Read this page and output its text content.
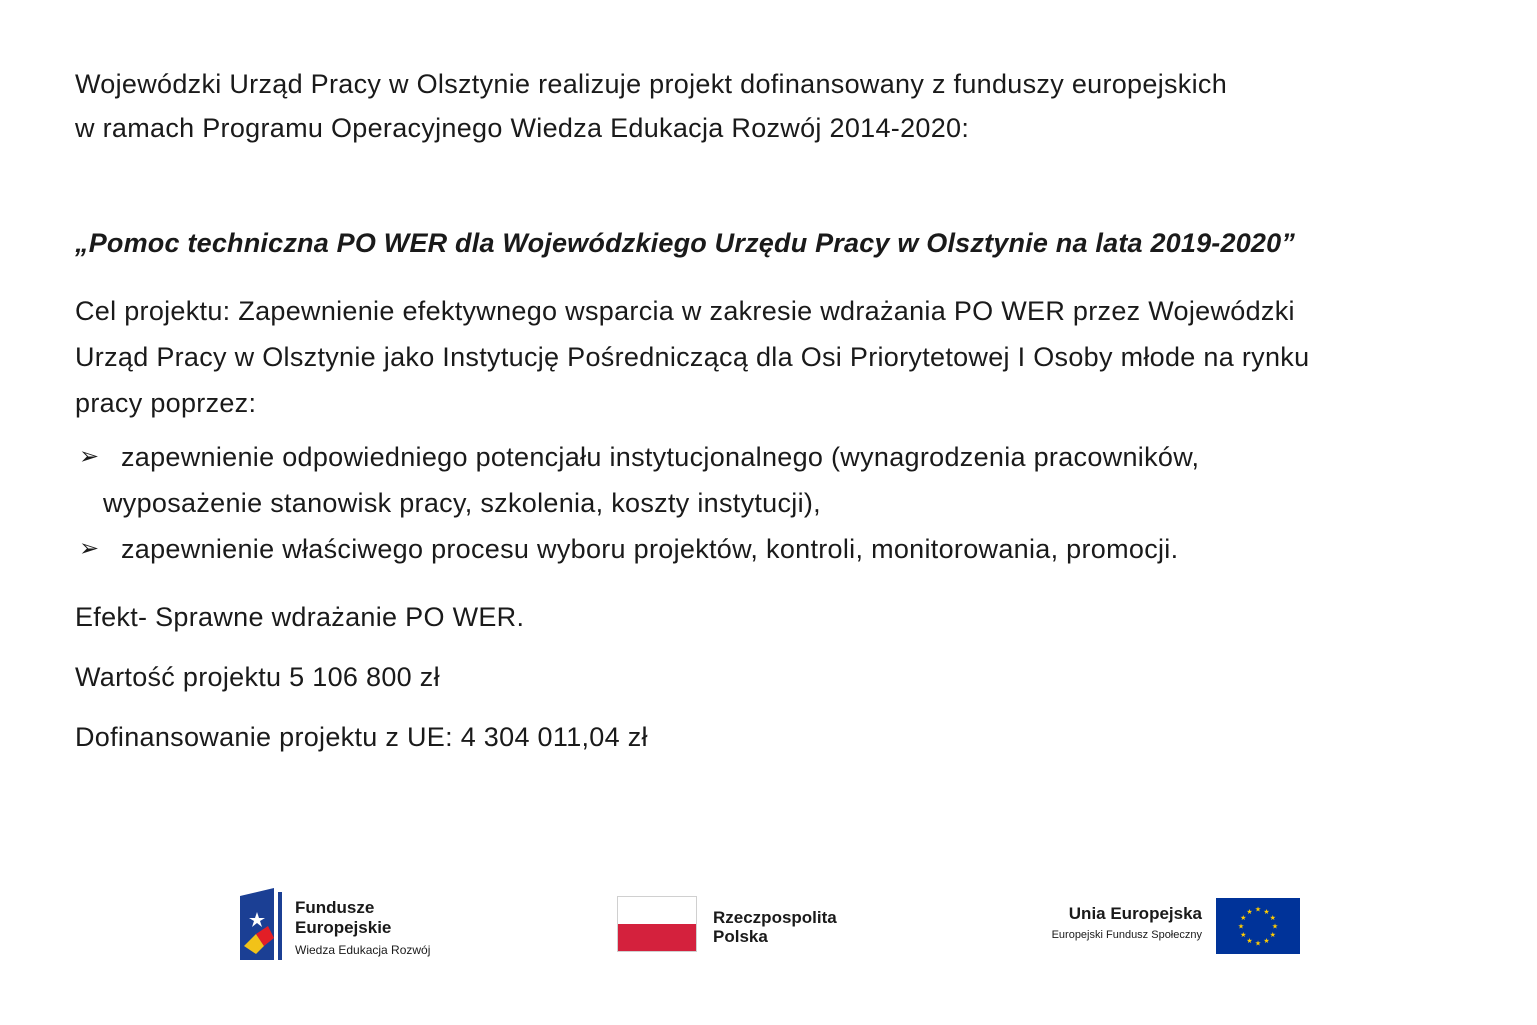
Wojewódzki Urząd Pracy w Olsztynie realizuje projekt dofinansowany z funduszy europejskich

w ramach Programu Operacyjnego Wiedza Edukacja Rozwój 2014-2020:

„Pomoc techniczna PO WER dla Wojewódzkiego Urzędu Pracy w Olsztynie na lata 2019-2020”

Cel projektu: Zapewnienie efektywnego wsparcia w zakresie wdrażania PO WER przez Wojewódzki

Urząd Pracy w Olsztynie jako Instytucję Pośredniczącą dla Osi Priorytetowej I Osoby młode na rynku

pracy poprzez:

➢ zapewnienie odpowiedniego potencjału instytucjonalnego (wynagrodzenia pracowników,
wyposażenie stanowisk pracy, szkolenia, koszty instytucji),
➢ zapewnienie właściwego procesu wyboru projektów, kontroli, monitorowania, promocji.

Efekt- Sprawne wdrażanie PO WER.

Wartość projektu 5 106 800 zł

Dofinansowanie projektu z UE: 4 304 011,04 zł

Fundusze
Europejskie
Wiedza Edukacja Rozwój
Rzeczpospolita
Polska
Unia Europejska
Europejski Fundusz Społeczny
★
★
★
★
★
★
★
★
★ ★ ★
★
